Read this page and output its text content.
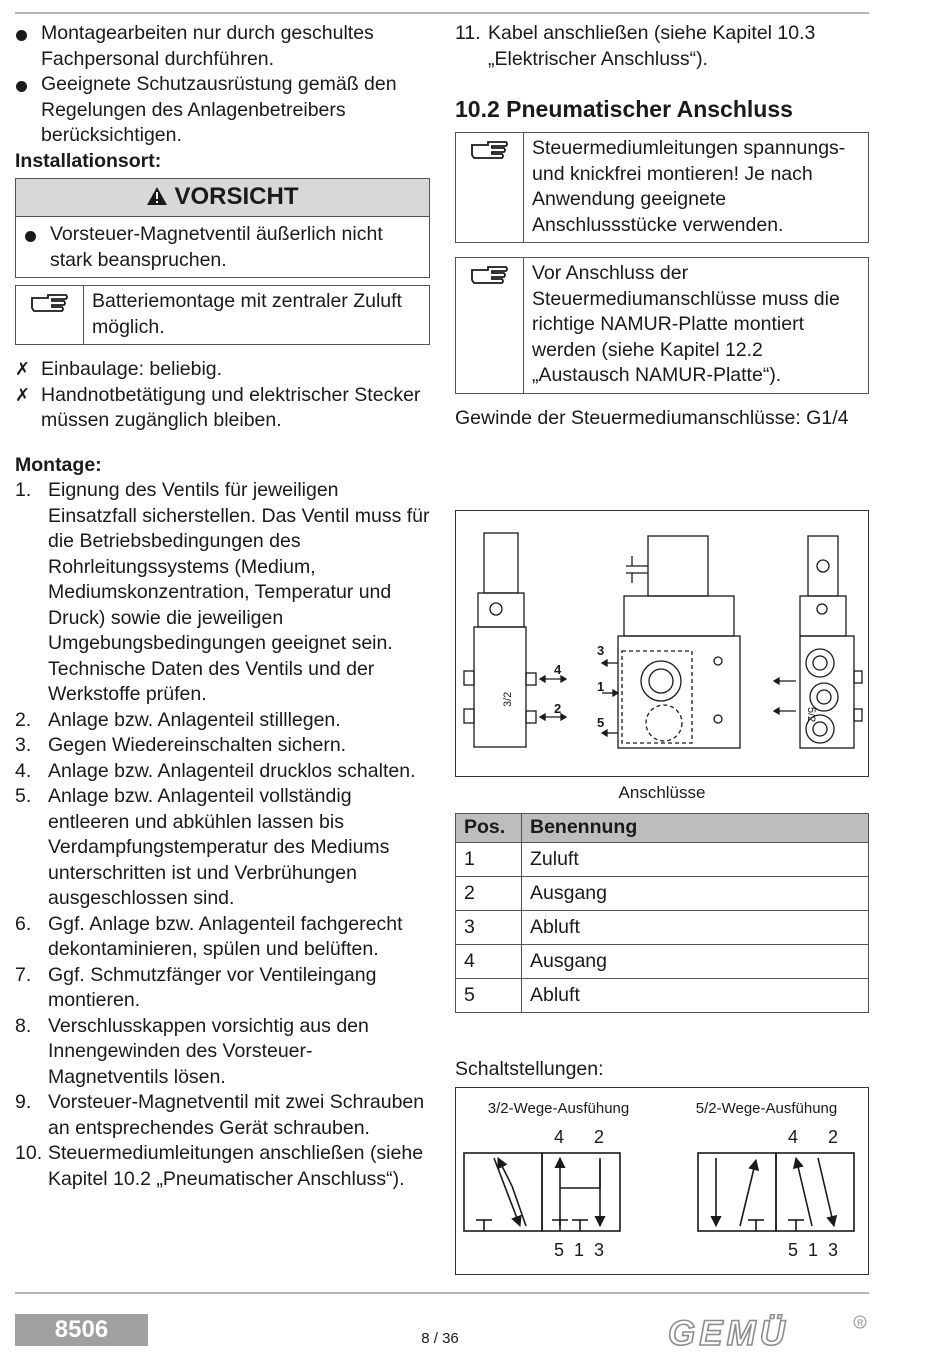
Montagearbeiten nur durch geschultes Fachpersonal durchführen.
Geeignete Schutzausrüstung gemäß den Regelungen des Anlagenbetreibers berücksichtigen.
Installationsort:
VORSICHT
Vorsteuer-Magnetventil äußerlich nicht stark beanspruchen.
Batteriemontage mit zentraler Zuluft möglich.
✗ Einbaulage: beliebig.
✗ Handnotbetätigung und elektrischer Stecker müssen zugänglich bleiben.
Montage:
1. Eignung des Ventils für jeweiligen Einsatzfall sicherstellen. Das Ventil muss für die Betriebsbedingungen des Rohrleitungssystems (Medium, Mediumskonzentration, Temperatur und Druck) sowie die jeweiligen Umgebungsbedingungen geeignet sein. Technische Daten des Ventils und der Werkstoffe prüfen.
2. Anlage bzw. Anlagenteil stilllegen.
3. Gegen Wiedereinschalten sichern.
4. Anlage bzw. Anlagenteil drucklos schalten.
5. Anlage bzw. Anlagenteil vollständig entleeren und abkühlen lassen bis Verdampfungstemperatur des Mediums unterschritten ist und Verbrühungen ausgeschlossen sind.
6. Ggf. Anlage bzw. Anlagenteil fachgerecht dekontaminieren, spülen und belüften.
7. Ggf. Schmutzfänger vor Ventileingang montieren.
8. Verschlusskappen vorsichtig aus den Innengewinden des Vorsteuer-Magnetventils lösen.
9. Vorsteuer-Magnetventil mit zwei Schrauben an entsprechendes Gerät schrauben.
10. Steuermediumleitungen anschließen (siehe Kapitel 10.2 „Pneumatischer Anschluss“).
11. Kabel anschließen (siehe Kapitel 10.3 „Elektrischer Anschluss“).
10.2 Pneumatischer Anschluss
Steuermediumleitungen spannungs- und knickfrei montieren! Je nach Anwendung geeignete Anschlussstücke verwenden.
Vor Anschluss der Steuermediumanschlüsse muss die richtige NAMUR-Platte montiert werden (siehe Kapitel 12.2 „Austausch NAMUR-Platte“).
Gewinde der Steuermediumanschlüsse: G1/4
3
1
5
4
2
3/2
5/2
Anschlüsse
Pos.	Benennung
1	Zuluft
2	Ausgang
3	Abluft
4	Ausgang
5	Abluft
Schaltstellungen:
3/2-Wege-Ausfühung	5/2-Wege-Ausfühung
4 2
5 1 3
4 2
5 1 3
8506	8 / 36	GEMÜ	R
